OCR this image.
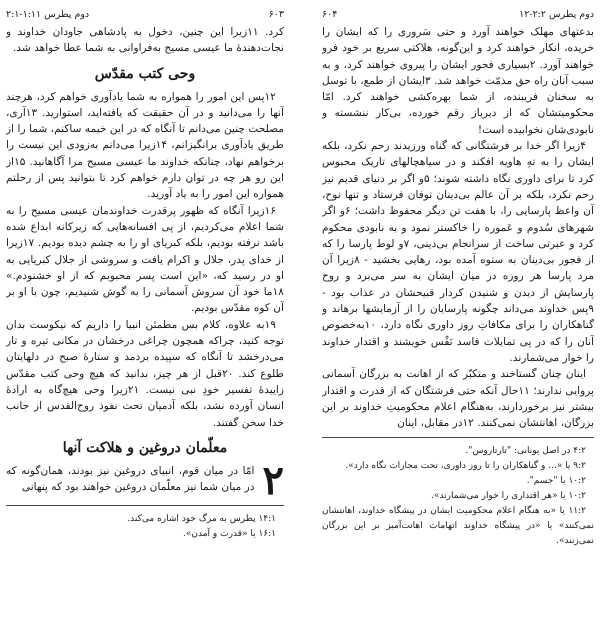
۶۰۳
دوم پطرس ۱:۱۱-۲:۱

کرد. ۱۱زیرا این چنین، دخول به پادشاهی جاودان خداوند و نجات‌دهندهٔ ما عیسی مسیح به‌فراوانی به شما عطا خواهد شد.

وحی کتب مقدّس

۱۲پس این امور را همواره به شما یادآوری خواهم کرد، هرچند آنها را می‌دانید و در آن حقیقت که یافته‌اید، استوارید. ۱۳آری، مصلحت چنین می‌دانم تا آنگاه که در این خیمه ساکنم، شما را از طریق یادآوری برانگیزانم، ۱۴زیرا می‌دانم به‌زودی این نیست را برخواهم نهاد، چنانکه خداوند ما عیسی مسیح مرا آگاهانید. ۱۵از این رو هر چه در توان دارم خواهم کرد تا بتوانید پس از رحلتم همواره این امور را به یاد آورید.

۱۶زیرا آنگاه که ظهور پرقدرت خداوندمان عیسی مسیح را به شما اعلام می‌کردیم، از پی افسانه‌هایی که زیرکانه ابداع شده باشد نرفته بودیم، بلکه کبریای او را به چشم دیده بودیم. ۱۷زیرا از خدای پدر، جلال و اکرام یافت و سروشی از جلال کبریایی به او در رسید که، «این است پسر محبوبم که از او خشنودم.» ۱۸ما خود آن سروش آسمانی را به گوش شنیدیم، چون با او بر آن کوه مقدّس بودیم.

۱۹به علاوه، کلام بس مطمئن انبیا را داریم که نیکوست بدان توجه کنید، چراکه همچون چراغی درخشان در مکانی تیره و تار می‌درخشد تا آنگاه که سپیده بردمد و ستارهٔ صبح در دلهایتان طلوع کند. ۲۰قبل از هر چیز، بدانید که هیچ وحی کتب مقدّس زاییدهٔ تفسیر خودِ نبی نیست. ۲۱زیرا وحی هیچ‌گاه به ارادهٔ انسان آورده نشد، بلکه آدمیان تحت نفوذ روح‌القدس از جانب خدا سخن گفتند.

معلّمان دروغین و هلاکت آنها
۲
امّا در میان قوم، انبیای دروغین نیز بودند، همان‌گونه که در میان شما نیز معلّمان دروغین خواهند بود که پنهانی

۱۴:۱ پطرس به مرگ خود اشاره می‌کند.

۱۶:۱ یا «قدرت و آمدن».

دوم پطرس ۲:۲-۱۲
۶۰۴

بدعتهای مهلک خواهند آورد و حتی سَروری را که ایشان را خریده، انکار خواهند کرد و این‌گونه، هلاکتی سریع بر خود فرو خواهند آورد. ۲بسیاری فجور ایشان را پیروی خواهند کرد، و به سبب آنان راه حق مذمّت خواهد شد. ۳ایشان از طمع، با توسل به سخنان فریبنده، از شما بهره‌کشی خواهند کرد. امّا محکومیتشان که از دیرباز رقم خورده، بی‌کار ننشسته و نابودی‌شان نخوابیده است!

۴زیرا اگر خدا بر فرشتگانی که گناه ورزیدند رحم نکرد، بلکه ایشان را به تهِ هاویه افکند و در سیاهچالهای تاریک محبوس کرد تا برای داوری نگاه داشته شوند؛ ۵و اگر بر دنیای قدیم نیز رحم نکرد، بلکه بر آن عالم بی‌دینان توفان فرستاد و تنها نوح، آن واعظ پارسایی را، با هفت تن دیگر محفوظ داشت؛ ۶و اگر شهرهای سُدوم و عَموره را خاکستر نمود و به نابودی محکوم کرد و عبرتی ساخت از سرانجام بی‌دینی، ۷و لوط پارسا را که از فجور بی‌دینان به ستوه آمده بود، رهایی بخشید - ۸زیرا آن مرد پارسا هر روزه در میان ایشان به سر می‌برد و روح پارسایش از دیدن و شنیدن کردار قبیحشان در عذاب بود - ۹پس خداوند می‌داند چگونه پارسایان را از آزمایشها برهاند و گناهکاران را برای مکافاتِ روز داوری نگاه دارد، ۱۰به‌خصوص آنان را که در پی تمایلات فاسد نَفْس خویشند و اقتدار خداوند را خوار می‌شمارند.

اینان چنان گستاخند و متکبّر که از اهانت به بزرگان آسمانی پروایی ندارند؛ ۱۱حال آنکه حتی فرشتگان که از قدرت و اقتدار بیشتر نیز برخوردارند، به‌هنگام اعلام محکومیتِ خداوند بر این بزرگان، اهانتشان نمی‌کنند. ۱۲در مقابل، اینان

۴:۲ در اصل یونانی: "تارتاروس".

۹:۲ یا «... و گناهکاران را تا روز داوری، تحت مجازات نگاه دارد».

۱۰:۲ یا "جسم".

۱۰:۲ یا «هر اقتداری را خوار می‌شمارند».

۱۱:۲ یا «به هنگام اعلام محکومیت ایشان در پیشگاه خداوند، اهانتشان نمی‌کنند» یا «در پیشگاه خداوند اتهامات اهانت‌آمیز بر این بزرگان نمی‌زنند».
